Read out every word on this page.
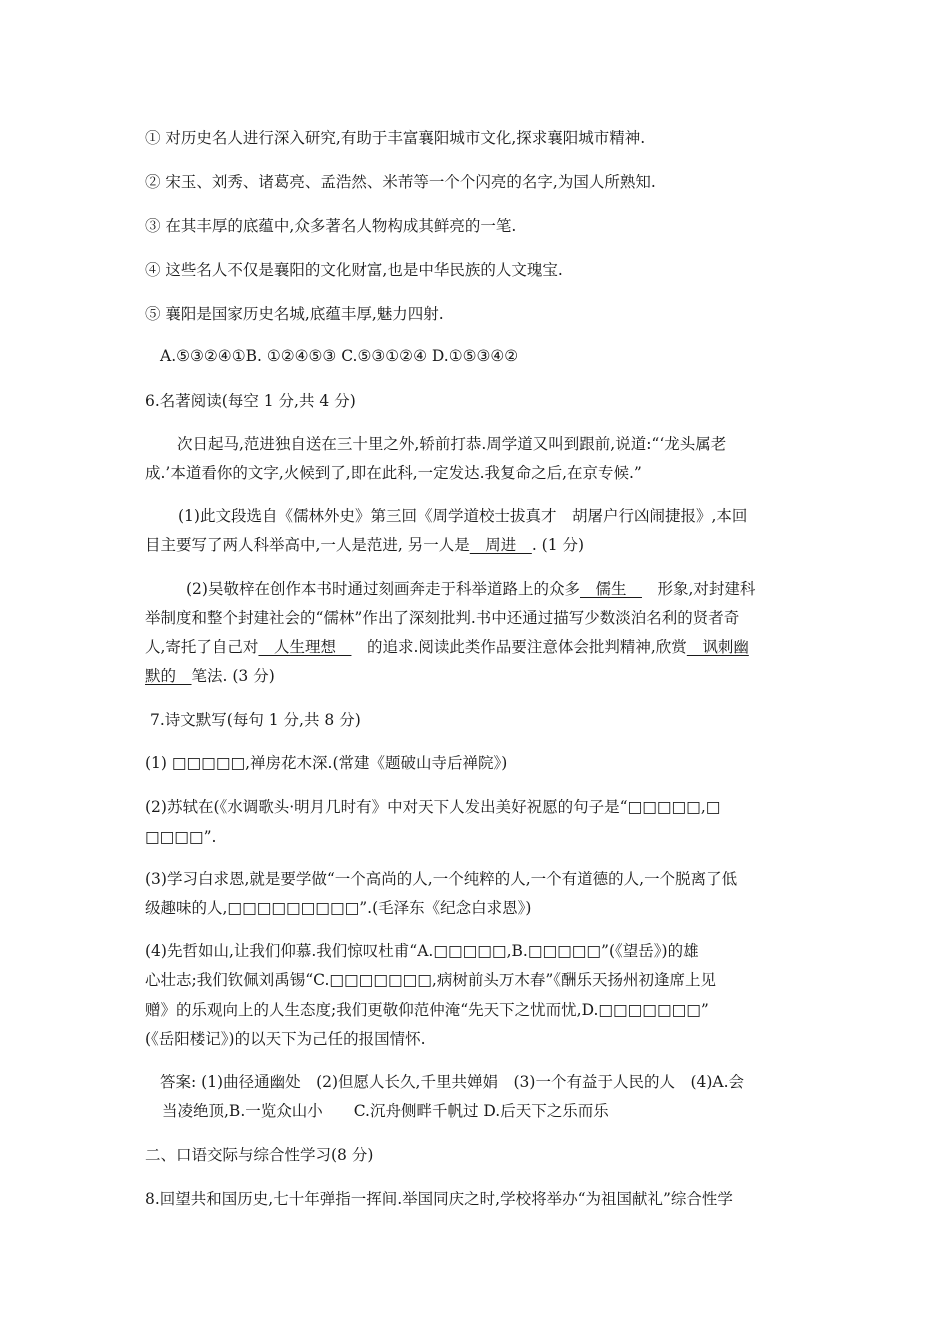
① 对历史名人进行深入研究,有助于丰富襄阳城市文化,探求襄阳城市精神.
② 宋玉、刘秀、诸葛亮、孟浩然、米芾等一个个闪亮的名字,为国人所熟知.
③ 在其丰厚的底蕴中,众多著名人物构成其鲜亮的一笔.
④ 这些名人不仅是襄阳的文化财富,也是中华民族的人文瑰宝.
⑤ 襄阳是国家历史名城,底蕴丰厚,魅力四射.
A.⑤③②④①B. ①②④⑤③ C.⑤③①②④ D.①⑤③④②
6.名著阅读(每空 1 分,共 4 分)
次日起马,范进独自送在三十里之外,轿前打恭.周学道又叫到跟前,说道:“‘龙头属老
成.’本道看你的文字,火候到了,即在此科,一定发达.我复命之后,在京专候.”
(1)此文段选自《儒林外史》第三回《周学道校士拔真才　胡屠户行凶闹捷报》,本回
目主要写了两人科举高中,一人是范进, 另一人是　周进　. (1 分)
(2)吴敬梓在创作本书时通过刻画奔走于科举道路上的众多　儒生　　形象,对封建科
举制度和整个封建社会的“儒林”作出了深刻批判.书中还通过描写少数淡泊名利的贤者奇
人,寄托了自己对　人生理想　　的追求.阅读此类作品要注意体会批判精神,欣赏　讽刺幽
默的　笔法. (3 分)
7.诗文默写(每句 1 分,共 8 分)
(1) □□□□□,禅房花木深.(常建《题破山寺后禅院》)
(2)苏轼在(《水调歌头·明月几时有》中对天下人发出美好祝愿的句子是“□□□□□,□
□□□□”.
(3)学习白求恩,就是要学做“一个高尚的人,一个纯粹的人,一个有道德的人,一个脱离了低
级趣味的人,□□□□□□□□□”.(毛泽东《纪念白求恩》)
(4)先哲如山,让我们仰慕.我们惊叹杜甫“A.□□□□□,B.□□□□□”(《望岳》)的雄
心壮志;我们钦佩刘禹锡“C.□□□□□□□,病树前头万木春”《酬乐天扬州初逢席上见
赠》的乐观向上的人生态度;我们更敬仰范仲淹“先天下之忧而忧,D.□□□□□□□”
(《岳阳楼记》)的以天下为己任的报国情怀.
答案: (1)曲径通幽处　(2)但愿人长久,千里共婵娟　(3)一个有益于人民的人　(4)A.会
当凌绝顶,B.一览众山小　　C.沉舟侧畔千帆过 D.后天下之乐而乐
二、口语交际与综合性学习(8 分)
8.回望共和国历史,七十年弹指一挥间.举国同庆之时,学校将举办“为祖国献礼”综合性学
